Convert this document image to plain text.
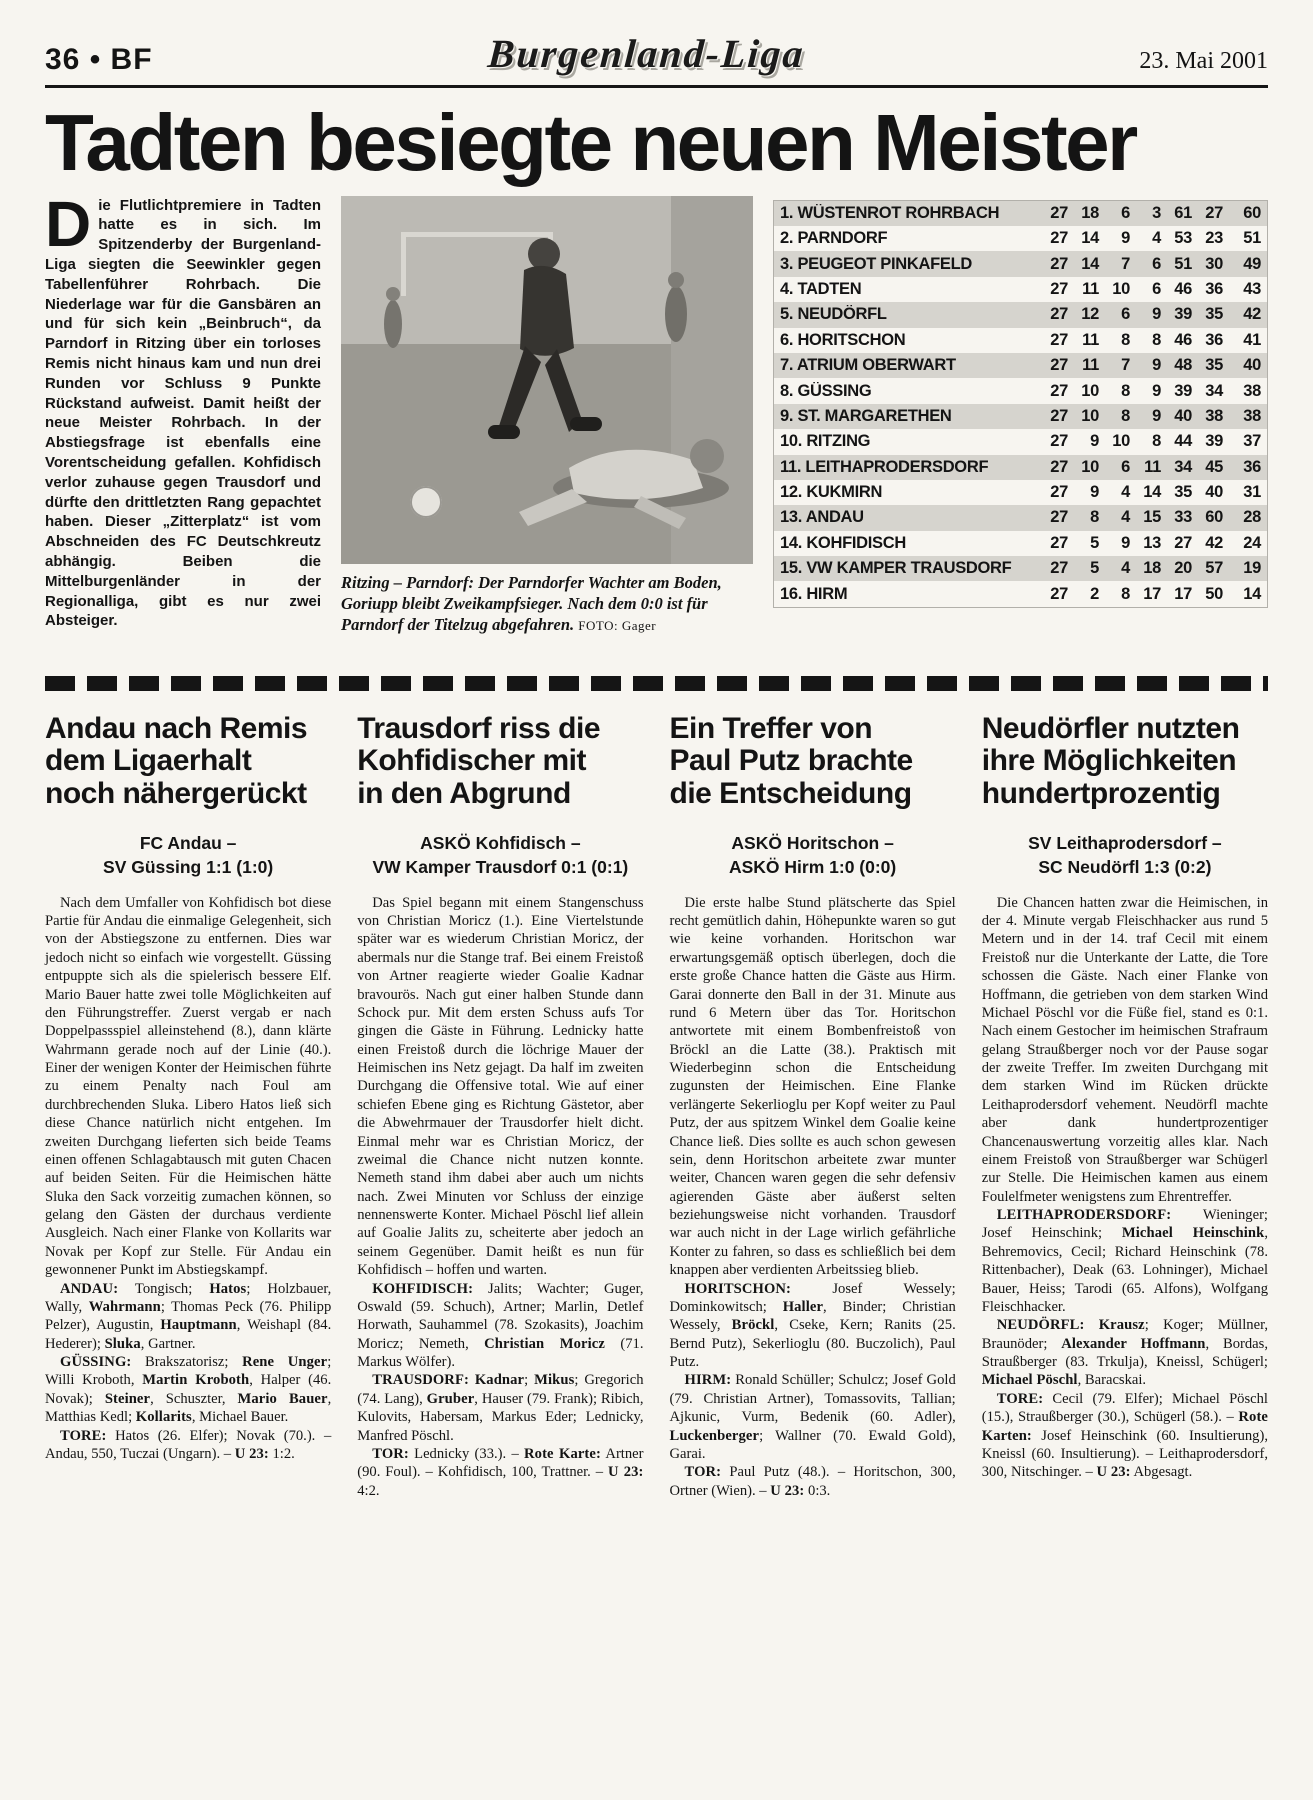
36 • BF	Burgenland-Liga	23. Mai 2001
Tadten besiegte neuen Meister

Die Flutlichtpremiere in Tadten hatte es in sich. Im Spitzenderby der Burgenland-Liga siegten die Seewinkler gegen Tabellenführer Rohrbach. Die Niederlage war für die Gansbären an und für sich kein „Beinbruch“, da Parndorf in Ritzing über ein torloses Remis nicht hinaus kam und nun drei Runden vor Schluss 9 Punkte Rückstand aufweist. Damit heißt der neue Meister Rohrbach. In der Abstiegsfrage ist ebenfalls eine Vorentscheidung gefallen. Kohfidisch verlor zuhause gegen Trausdorf und dürfte den drittletzten Rang gepachtet haben. Dieser „Zitterplatz“ ist vom Abschneiden des FC Deutschkreutz abhängig. Beiben die Mittelburgenländer in der Regionalliga, gibt es nur zwei Absteiger.

Ritzing – Parndorf: Der Parndorfer Wachter am Boden, Goriupp bleibt Zweikampfsieger. Nach dem 0:0 ist für Parndorf der Titelzug abgefahren. FOTO: Gager
1. WÜSTENROT ROHRBACH	27 18	6	3 61 27	60
2. PARNDORF	27 14	9	4 53 23	51
3. PEUGEOT PINKAFELD	27 14	7	6 51 30	49
4. TADTEN	27 11 10	6 46 36	43
5. NEUDÖRFL	27 12	6	9 39 35	42
6. HORITSCHON	27 11	8	8 46 36	41
7. ATRIUM OBERWART	27 11	7	9 48 35	40
8. GÜSSING	27 10	8	9 39 34	38
9. ST. MARGARETHEN	27 10	8	9 40 38	38
10. RITZING	27	9 10	8 44 39	37
11. LEITHAPRODERSDORF	27 10	6 11 34 45	36
12. KUKMIRN	27	9	4 14 35 40	31
13. ANDAU	27	8	4 15 33 60	28
14. KOHFIDISCH	27	5	9 13 27 42	24
15. VW KAMPER TRAUSDORF	27	5	4 18 20 57	19
16. HIRM	27	2	8 17 17 50	14
Andau nach Remis
dem Ligaerhalt
noch nähergerückt
FC Andau –
SV Güssing 1:1 (1:0)

Nach dem Umfaller von Kohfidisch bot diese Partie für Andau die einmalige Gelegenheit, sich von der Abstiegszone zu entfernen. Dies war jedoch nicht so einfach wie vorgestellt. Güssing entpuppte sich als die spielerisch bessere Elf. Mario Bauer hatte zwei tolle Möglichkeiten auf den Führungstreffer. Zuerst vergab er nach Doppelpassspiel alleinstehend (8.), dann klärte Wahrmann gerade noch auf der Linie (40.). Einer der wenigen Konter der Heimischen führte zu einem Penalty nach Foul am durchbrechenden Sluka. Libero Hatos ließ sich diese Chance natürlich nicht entgehen. Im zweiten Durchgang lieferten sich beide Teams einen offenen Schlagabtausch mit guten Chacen auf beiden Seiten. Für die Heimischen hätte Sluka den Sack vorzeitig zumachen können, so gelang den Gästen der durchaus verdiente Ausgleich. Nach einer Flanke von Kollarits war Novak per Kopf zur Stelle. Für Andau ein gewonnener Punkt im Abstiegskampf.

ANDAU: Tongisch; Hatos; Holzbauer, Wally, Wahrmann; Thomas Peck (76. Philipp Pelzer), Augustin, Hauptmann, Weishapl (84. Hederer); Sluka, Gartner.

GÜSSING: Brakszatorisz; Rene Unger; Willi Kroboth, Martin Kroboth, Halper (46. Novak); Steiner, Schuszter, Mario Bauer, Matthias Kedl; Kollarits, Michael Bauer.

TORE: Hatos (26. Elfer); Novak (70.). – Andau, 550, Tuczai (Ungarn). – U 23: 1:2.

Trausdorf riss die
Kohfidischer mit
in den Abgrund
ASKÖ Kohfidisch –
VW Kamper Trausdorf 0:1 (0:1)

Das Spiel begann mit einem Stangenschuss von Christian Moricz (1.). Eine Viertelstunde später war es wiederum Christian Moricz, der abermals nur die Stange traf. Bei einem Freistoß von Artner reagierte wieder Goalie Kadnar bravourös. Nach gut einer halben Stunde dann Schock pur. Mit dem ersten Schuss aufs Tor gingen die Gäste in Führung. Lednicky hatte einen Freistoß durch die löchrige Mauer der Heimischen ins Netz gejagt. Da half im zweiten Durchgang die Offensive total. Wie auf einer schiefen Ebene ging es Richtung Gästetor, aber die Abwehrmauer der Trausdorfer hielt dicht. Einmal mehr war es Christian Moricz, der zweimal die Chance nicht nutzen konnte. Nemeth stand ihm dabei aber auch um nichts nach. Zwei Minuten vor Schluss der einzige nennenswerte Konter. Michael Pöschl lief allein auf Goalie Jalits zu, scheiterte aber jedoch an seinem Gegenüber. Damit heißt es nun für Kohfidisch – hoffen und warten.

KOHFIDISCH: Jalits; Wachter; Guger, Oswald (59. Schuch), Artner; Marlin, Detlef Horwath, Sauhammel (78. Szokasits), Joachim Moricz; Nemeth, Christian Moricz (71. Markus Wölfer).

TRAUSDORF: Kadnar; Mikus; Gregorich (74. Lang), Gruber, Hauser (79. Frank); Ribich, Kulovits, Habersam, Markus Eder; Lednicky, Manfred Pöschl.

TOR: Lednicky (33.). – Rote Karte: Artner (90. Foul). – Kohfidisch, 100, Trattner. – U 23: 4:2.

Ein Treffer von
Paul Putz brachte
die Entscheidung
ASKÖ Horitschon –
ASKÖ Hirm 1:0 (0:0)

Die erste halbe Stund plätscherte das Spiel recht gemütlich dahin, Höhepunkte waren so gut wie keine vorhanden. Horitschon war erwartungsgemäß optisch überlegen, doch die erste große Chance hatten die Gäste aus Hirm. Garai donnerte den Ball in der 31. Minute aus rund 6 Metern über das Tor. Horitschon antwortete mit einem Bombenfreistoß von Bröckl an die Latte (38.). Praktisch mit Wiederbeginn schon die Entscheidung zugunsten der Heimischen. Eine Flanke verlängerte Sekerlioglu per Kopf weiter zu Paul Putz, der aus spitzem Winkel dem Goalie keine Chance ließ. Dies sollte es auch schon gewesen sein, denn Horitschon arbeitete zwar munter weiter, Chancen waren gegen die sehr defensiv agierenden Gäste aber äußerst selten beziehungsweise nicht vorhanden. Trausdorf war auch nicht in der Lage wirlich gefährliche Konter zu fahren, so dass es schließlich bei dem knappen aber verdienten Arbeitssieg blieb.

HORITSCHON: Josef Wessely; Dominkowitsch; Haller, Binder; Christian Wessely, Bröckl, Cseke, Kern; Ranits (25. Bernd Putz), Sekerlioglu (80. Buczolich), Paul Putz.

HIRM: Ronald Schüller; Schulcz; Josef Gold (79. Christian Artner), Tomassovits, Tallian; Ajkunic, Vurm, Bedenik (60. Adler), Luckenberger; Wallner (70. Ewald Gold), Garai.

TOR: Paul Putz (48.). – Horitschon, 300, Ortner (Wien). – U 23: 0:3.

Neudörfler nutzten
ihre Möglichkeiten
hundertprozentig
SV Leithaprodersdorf –
SC Neudörfl 1:3 (0:2)

Die Chancen hatten zwar die Heimischen, in der 4. Minute vergab Fleischhacker aus rund 5 Metern und in der 14. traf Cecil mit einem Freistoß nur die Unterkante der Latte, die Tore schossen die Gäste. Nach einer Flanke von Hoffmann, die getrieben von dem starken Wind Michael Pöschl vor die Füße fiel, stand es 0:1. Nach einem Gestocher im heimischen Strafraum gelang Straußberger noch vor der Pause sogar der zweite Treffer. Im zweiten Durchgang mit dem starken Wind im Rücken drückte Leithaprodersdorf vehement. Neudörfl machte aber dank hundertprozentiger Chancenauswertung vorzeitig alles klar. Nach einem Freistoß von Straußberger war Schügerl zur Stelle. Die Heimischen kamen aus einem Foulelfmeter wenigstens zum Ehrentreffer.

LEITHAPRODERSDORF: Wieninger; Josef Heinschink; Michael Heinschink, Behremovics, Cecil; Richard Heinschink (78. Rittenbacher), Deak (63. Lohninger), Michael Bauer, Heiss; Tarodi (65. Alfons), Wolfgang Fleischhacker.

NEUDÖRFL: Krausz; Koger; Müllner, Braunöder; Alexander Hoffmann, Bordas, Straußberger (83. Trkulja), Kneissl, Schügerl; Michael Pöschl, Baracskai.

TORE: Cecil (79. Elfer); Michael Pöschl (15.), Straußberger (30.), Schügerl (58.). – Rote Karten: Josef Heinschink (60. Insultierung), Kneissl (60. Insultierung). – Leithaprodersdorf, 300, Nitschinger. – U 23: Abgesagt.
